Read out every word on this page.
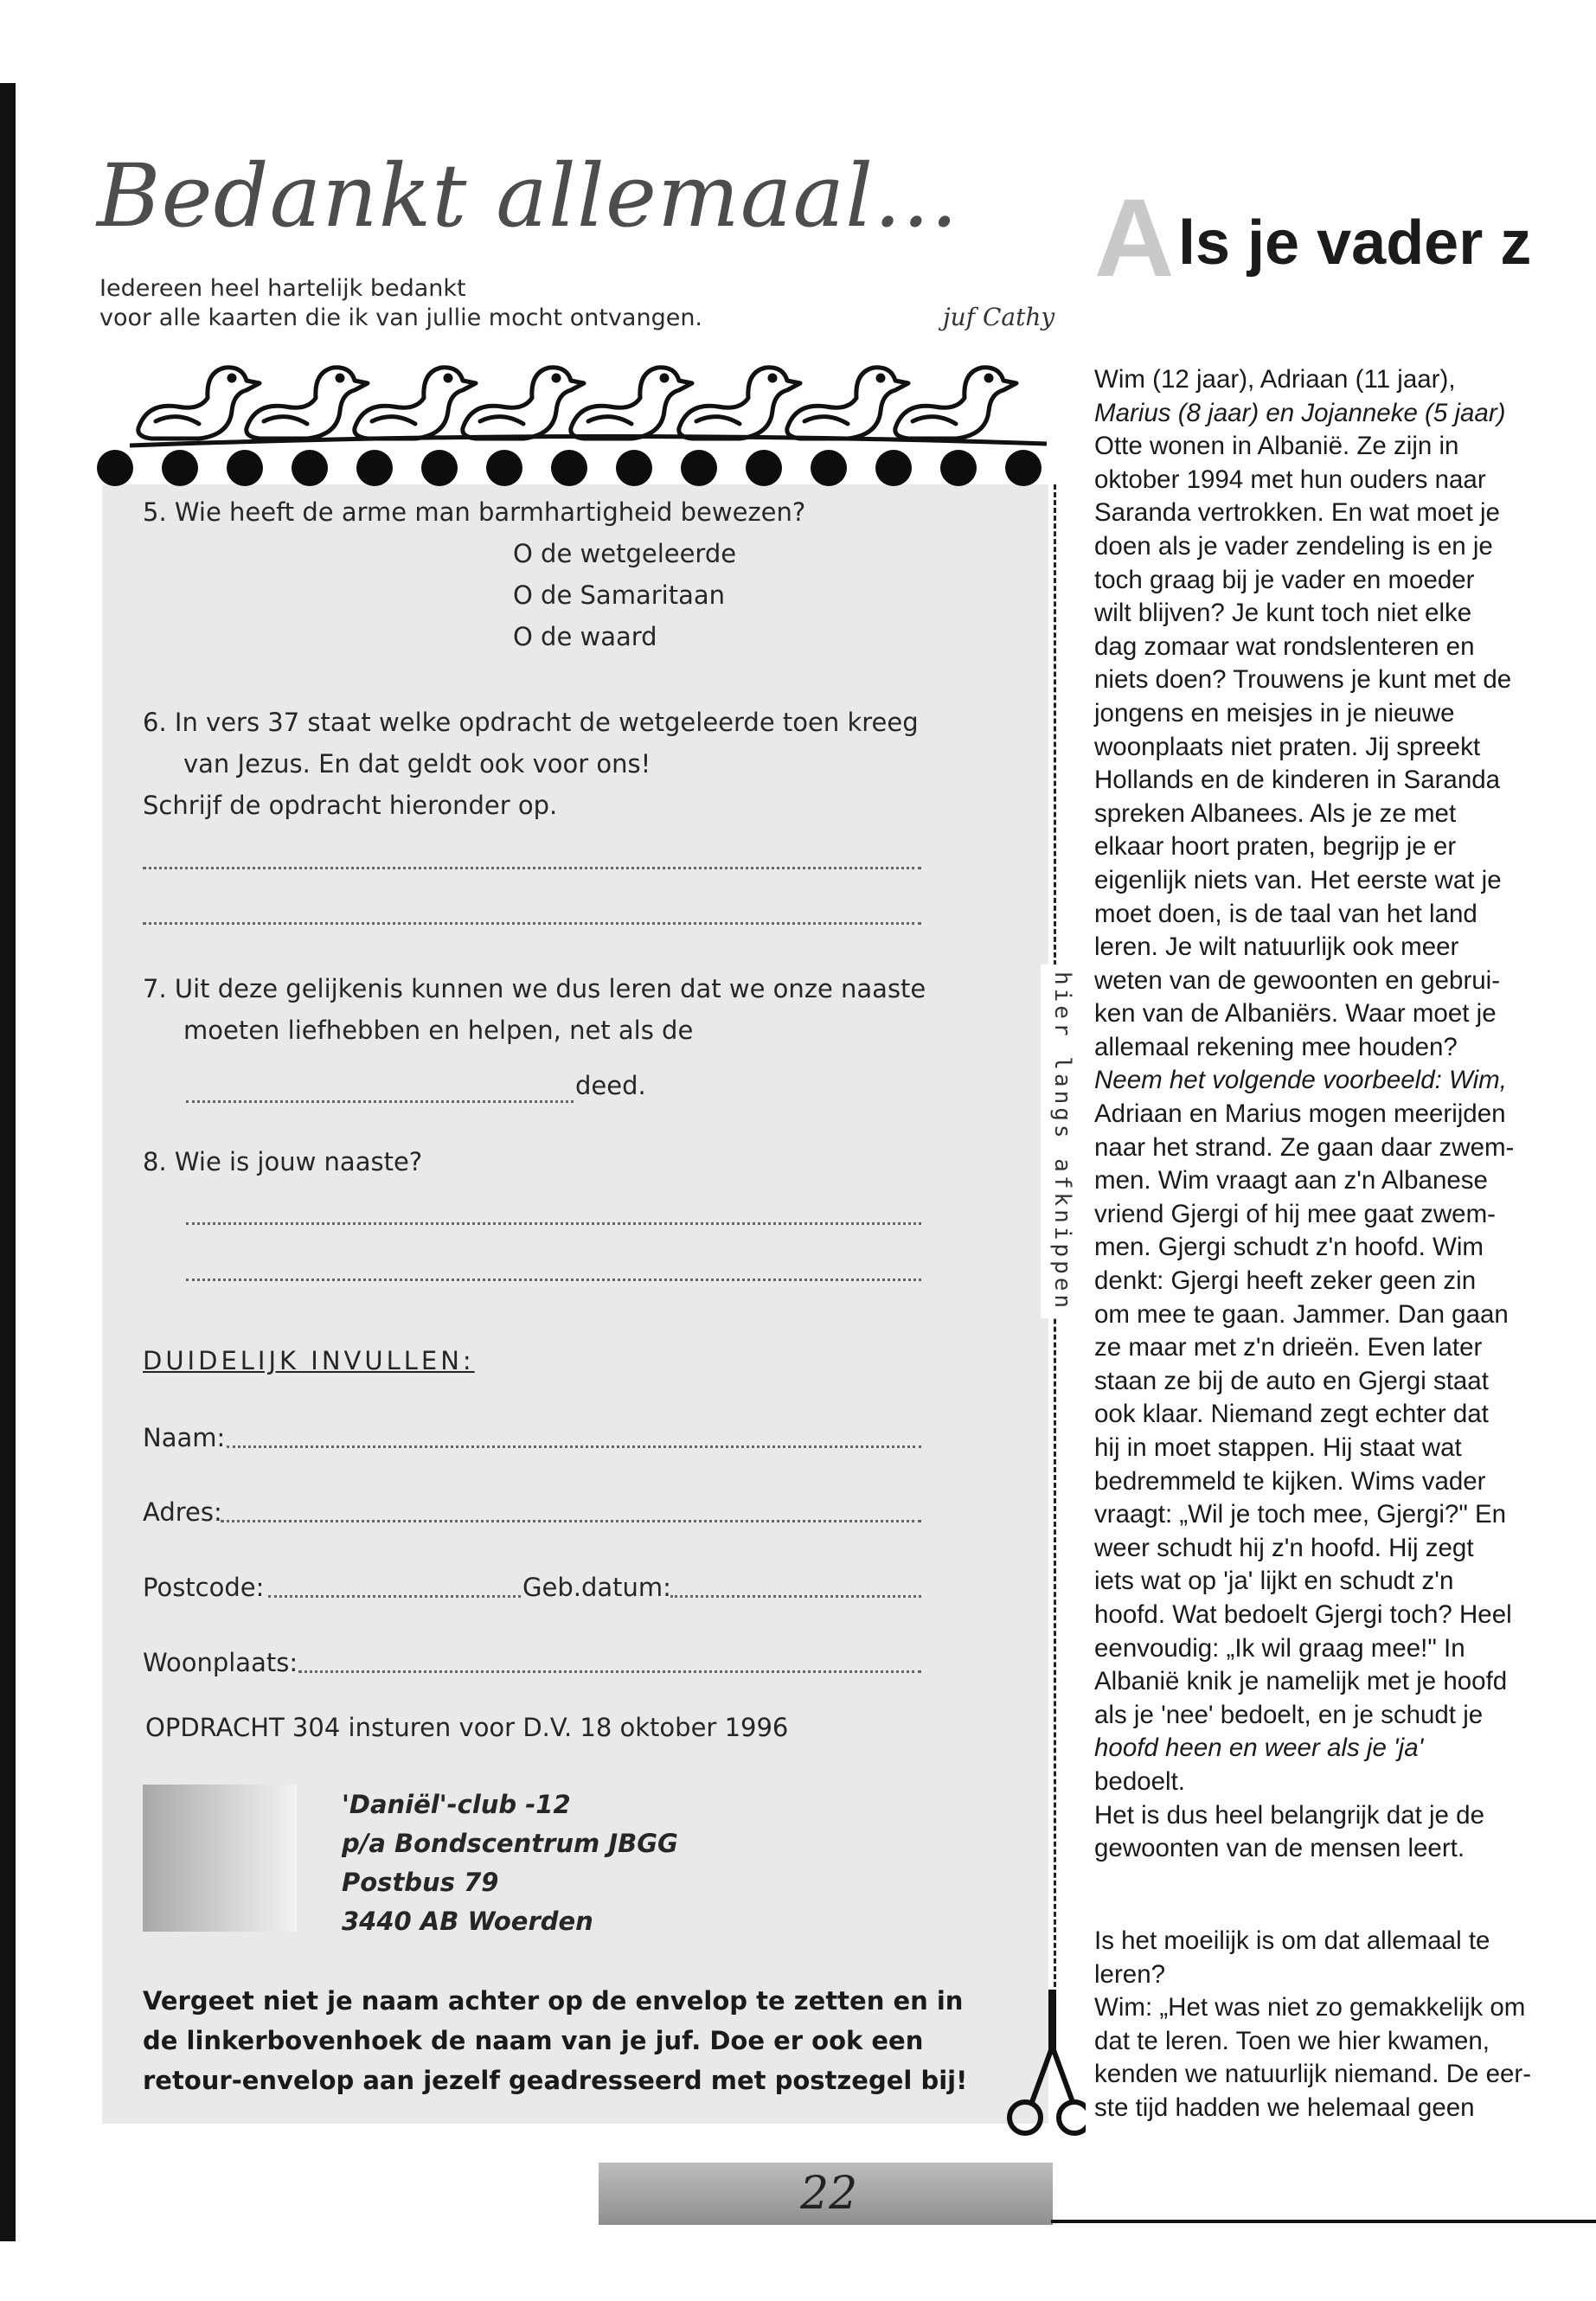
Bedankt allemaal...
Iedereen heel hartelijk bedankt
voor alle kaarten die ik van jullie mocht ontvangen.	juf Cathy
A ls je vader z
5. Wie heeft de arme man barmhartigheid bewezen?
O de wetgeleerde
O de Samaritaan
O de waard
6. In vers 37 staat welke opdracht de wetgeleerde toen kreeg
van Jezus. En dat geldt ook voor ons!
Schrijf de opdracht hieronder op.
7. Uit deze gelijkenis kunnen we dus leren dat we onze naaste
moeten liefhebben en helpen, net als de
deed.
8. Wie is jouw naaste?
DUIDELIJK INVULLEN:
Naam:
Adres:
Postcode:	Geb.datum:
Woonplaats:
OPDRACHT 304 insturen voor D.V. 18 oktober 1996
'Daniël'-club -12
p/a Bondscentrum JBGG
Postbus 79
3440 AB Woerden
Vergeet niet je naam achter op de envelop te zetten en in
de linkerbovenhoek de naam van je juf. Doe er ook een
retour-envelop aan jezelf geadresseerd met postzegel bij!
hier langs afknippen

Wim (12 jaar), Adriaan (11 jaar),

Marius (8 jaar) en Jojanneke (5 jaar)

Otte wonen in Albanië. Ze zijn in

oktober 1994 met hun ouders naar

Saranda vertrokken. En wat moet je

doen als je vader zendeling is en je

toch graag bij je vader en moeder

wilt blijven? Je kunt toch niet elke

dag zomaar wat rondslenteren en

niets doen? Trouwens je kunt met de

jongens en meisjes in je nieuwe

woonplaats niet praten. Jij spreekt

Hollands en de kinderen in Saranda

spreken Albanees. Als je ze met

elkaar hoort praten, begrijp je er

eigenlijk niets van. Het eerste wat je

moet doen, is de taal van het land

leren. Je wilt natuurlijk ook meer

weten van de gewoonten en gebrui-

ken van de Albaniërs. Waar moet je

allemaal rekening mee houden?

Neem het volgende voorbeeld: Wim,

Adriaan en Marius mogen meerijden

naar het strand. Ze gaan daar zwem-

men. Wim vraagt aan z'n Albanese

vriend Gjergi of hij mee gaat zwem-

men. Gjergi schudt z'n hoofd. Wim

denkt: Gjergi heeft zeker geen zin

om mee te gaan. Jammer. Dan gaan

ze maar met z'n drieën. Even later

staan ze bij de auto en Gjergi staat

ook klaar. Niemand zegt echter dat

hij in moet stappen. Hij staat wat

bedremmeld te kijken. Wims vader

vraagt: „Wil je toch mee, Gjergi?" En

weer schudt hij z'n hoofd. Hij zegt

iets wat op 'ja' lijkt en schudt z'n

hoofd. Wat bedoelt Gjergi toch? Heel

eenvoudig: „Ik wil graag mee!" In

Albanië knik je namelijk met je hoofd

als je 'nee' bedoelt, en je schudt je

hoofd heen en weer als je 'ja'

bedoelt.

Het is dus heel belangrijk dat je de

gewoonten van de mensen leert.

Is het moeilijk is om dat allemaal te

leren?

Wim: „Het was niet zo gemakkelijk om

dat te leren. Toen we hier kwamen,

kenden we natuurlijk niemand. De eer-

ste tijd hadden we helemaal geen

22
